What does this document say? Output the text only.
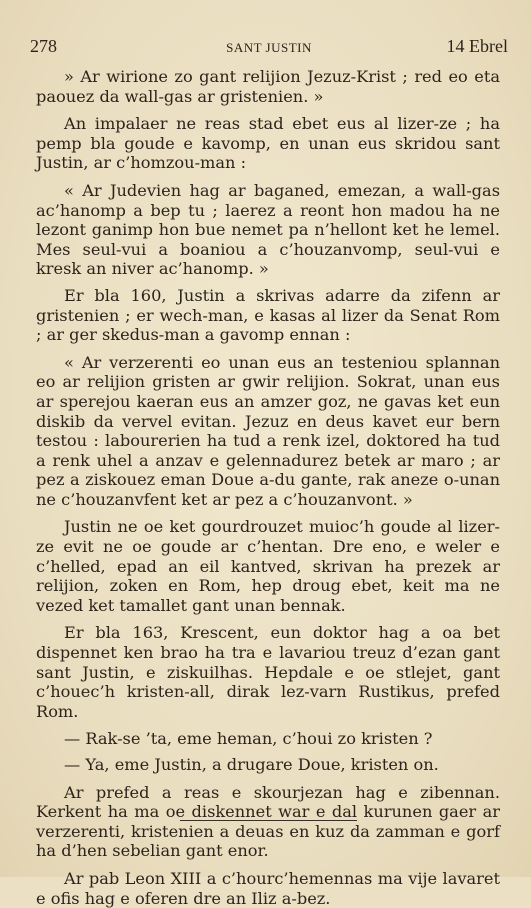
278	SANT JUSTIN	14 Ebrel

» Ar wirione zo gant relijion Jezuz-Krist ; red eo eta paouez da wall-gas ar gristenien. »

An impalaer ne reas stad ebet eus al lizer-ze ; ha pemp bla goude e kavomp, en unan eus skridou sant Justin, ar c’homzou-man :

« Ar Judevien hag ar baganed, emezan, a wall-gas ac’hanomp a bep tu ; laerez a reont hon madou ha ne lezont ganimp hon bue nemet pa n’hellont ket he lemel. Mes seul-vui a boaniou a c’houzanvomp, seul-vui e kresk an niver ac’hanomp. »

Er bla 160, Justin a skrivas adarre da zifenn ar gristenien ; er wech-man, e kasas al lizer da Senat Rom ; ar ger skedus-man a gavomp ennan :

« Ar verzerenti eo unan eus an testeniou splannan eo ar relijion gristen ar gwir relijion. Sokrat, unan eus ar sperejou kaeran eus an amzer goz, ne gavas ket eun diskib da vervel evitan. Jezuz en deus kavet eur bern testou : labourerien ha tud a renk izel, doktored ha tud a renk uhel a anzav e gelennadurez betek ar maro ; ar pez a ziskouez eman Doue a-du gante, rak aneze o-unan ne c’houzanvfent ket ar pez a c’houzanvont. »

Justin ne oe ket gourdrouzet muioc’h goude al lizer-ze evit ne oe goude ar c’hentan. Dre eno, e weler e c’helled, epad an eil kantved, skrivan ha prezek ar relijion, zoken en Rom, hep droug ebet, keit ma ne vezed ket tamallet gant unan bennak.

Er bla 163, Krescent, eun doktor hag a oa bet dispennet ken brao ha tra e lavariou treuz d’ezan gant sant Justin, e ziskuilhas. Hepdale e oe stlejet, gant c’houec’h kristen-all, dirak lez-varn Rustikus, prefed Rom.

— Rak-se ’ta, eme heman, c’houi zo kristen ?

— Ya, eme Justin, a drugare Doue, kristen on.

Ar prefed a reas e skourjezan hag e zibennan. Kerkent ha ma oe diskennet war e dal kurunen gaer ar verzerenti, kristenien a deuas en kuz da zamman e gorf ha d’hen sebelian gant enor.

Ar pab Leon XIII a c’hourc’hemennas ma vije lavaret e ofis hag e oferen dre an Iliz a-bez.
